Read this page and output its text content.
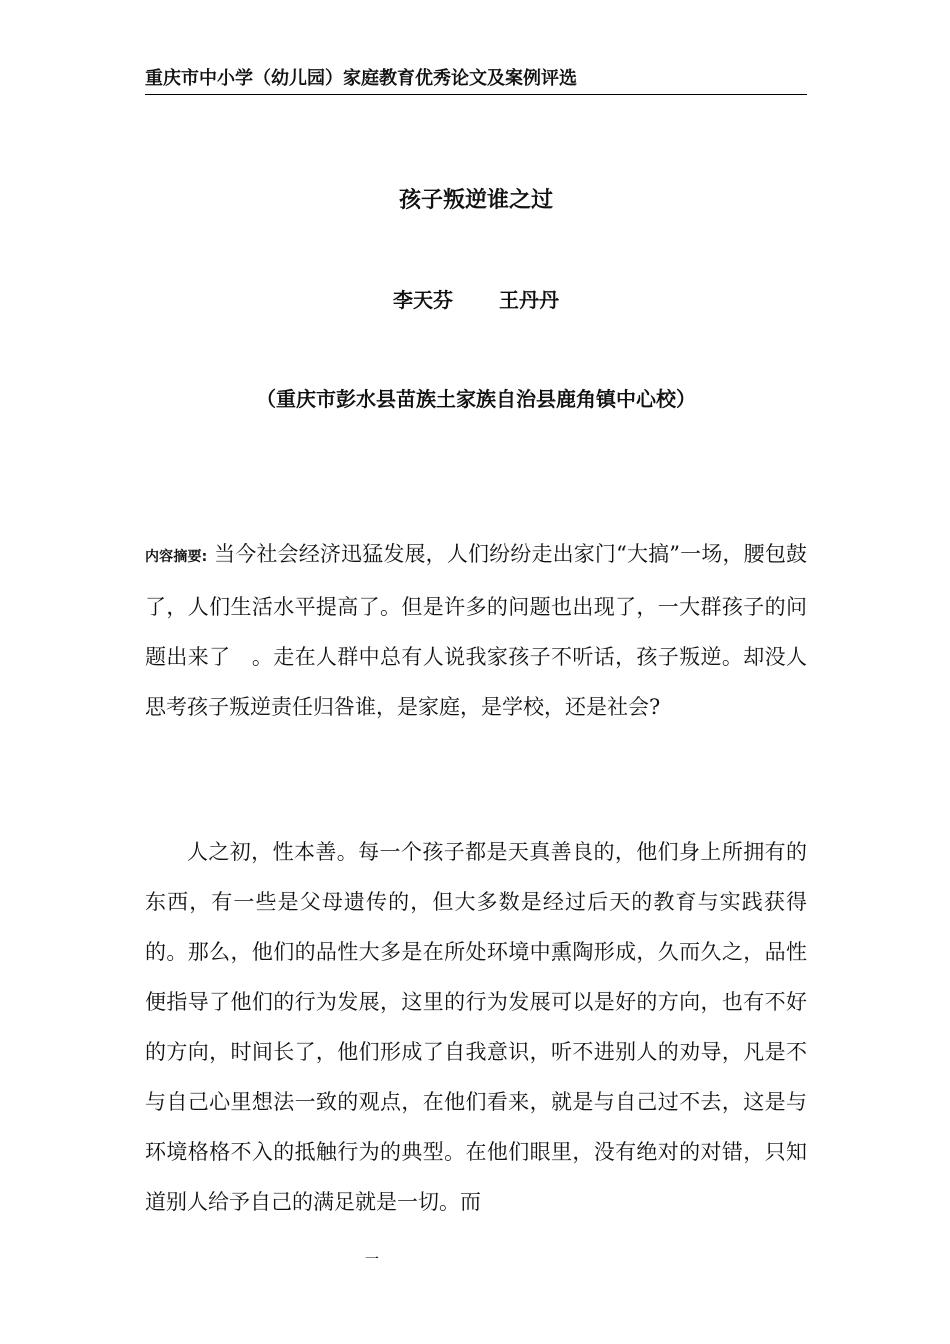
重庆市中小学（幼儿园）家庭教育优秀论文及案例评选
孩子叛逆谁之过
李天芬 王丹丹
（重庆市彭水县苗族土家族自治县鹿角镇中心校）
内容摘要: 当今社会经济迅猛发展，人们纷纷走出家门“大搞”一场，腰包鼓了，人们生活水平提高了。但是许多的问题也出现了，一大群孩子的问题出来了　。走在人群中总有人说我家孩子不听话，孩子叛逆。却没人思考孩子叛逆责任归咎谁，是家庭，是学校，还是社会?
人之初，性本善。每一个孩子都是天真善良的，他们身上所拥有的东西，有一些是父母遗传的，但大多数是经过后天的教育与实践获得的。那么，他们的品性大多是在所处环境中熏陶形成，久而久之，品性便指导了他们的行为发展，这里的行为发展可以是好的方向，也有不好的方向，时间长了，他们形成了自我意识，听不进别人的劝导，凡是不与自己心里想法一致的观点，在他们看来，就是与自己过不去，这是与环境格格不入的抵触行为的典型。在他们眼里，没有绝对的对错，只知道别人给予自己的满足就是一切。而
一
